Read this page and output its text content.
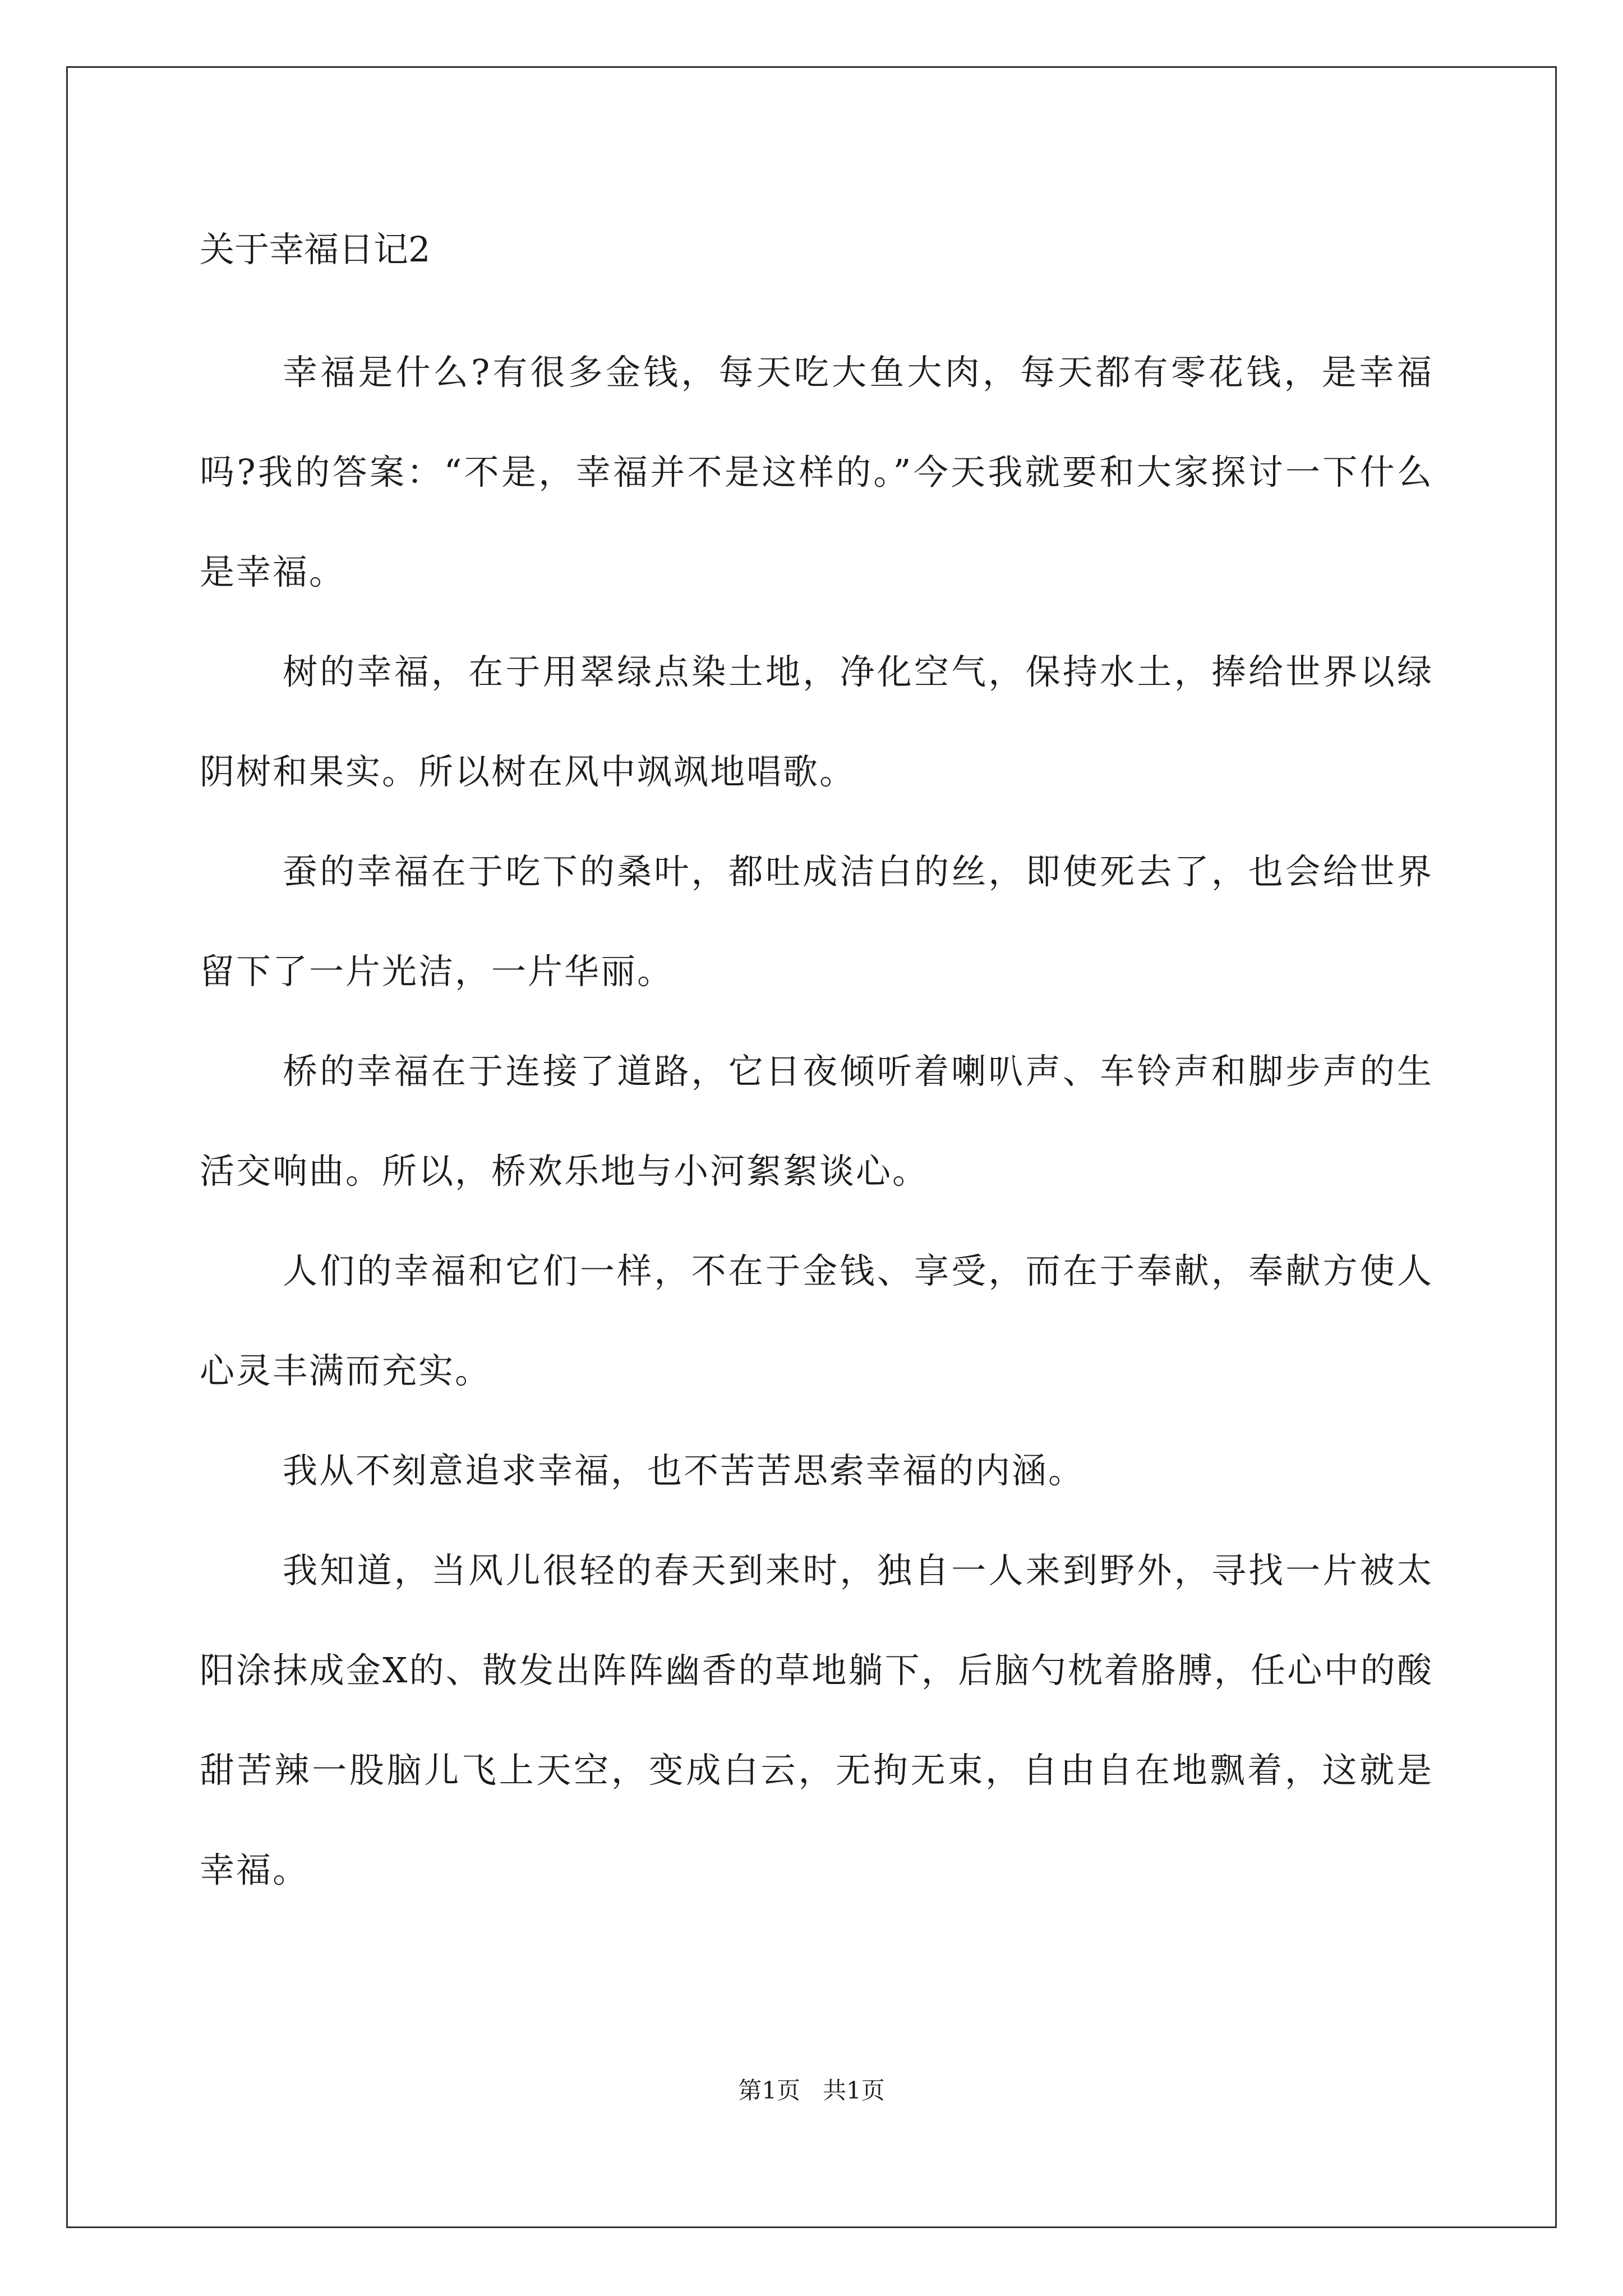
关于幸福日记2

幸福是什么?有很多金钱，每天吃大鱼大肉，每天都有零花钱，是幸福吗?我的答案：“不是，幸福并不是这样的。”今天我就要和大家探讨一下什么是幸福。

树的幸福，在于用翠绿点染土地，净化空气，保持水土，捧给世界以绿阴树和果实。所以树在风中飒飒地唱歌。

蚕的幸福在于吃下的桑叶，都吐成洁白的丝，即使死去了，也会给世界留下了一片光洁，一片华丽。

桥的幸福在于连接了道路，它日夜倾听着喇叭声、车铃声和脚步声的生活交响曲。所以，桥欢乐地与小河絮絮谈心。

人们的幸福和它们一样，不在于金钱、享受，而在于奉献，奉献方使人心灵丰满而充实。

我从不刻意追求幸福，也不苦苦思索幸福的内涵。

我知道，当风儿很轻的春天到来时，独自一人来到野外，寻找一片被太阳涂抹成金X的、散发出阵阵幽香的草地躺下，后脑勺枕着胳膊，任心中的酸甜苦辣一股脑儿飞上天空，变成白云，无拘无束，自由自在地飘着，这就是幸福。

第1页   共1页
